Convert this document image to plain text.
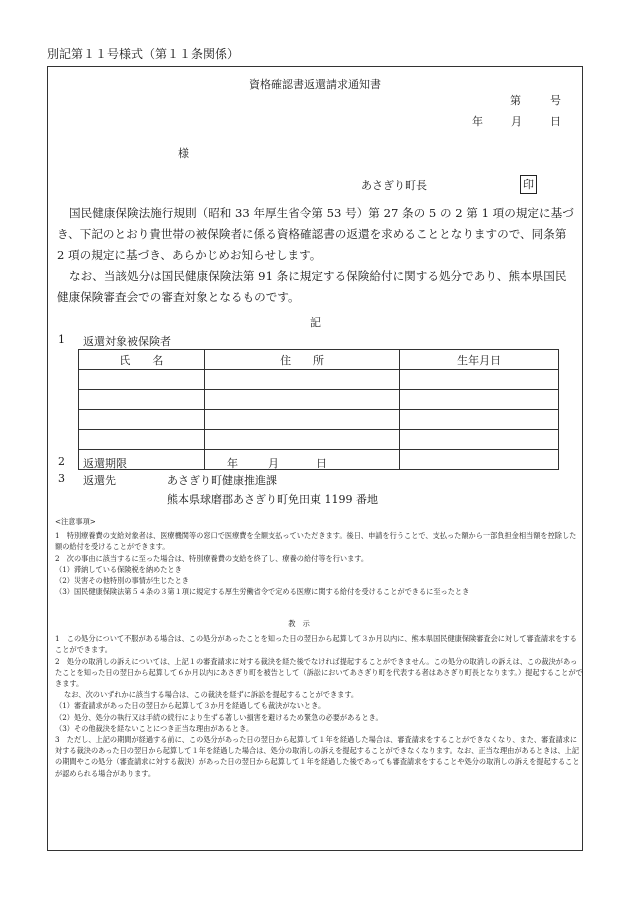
別記第１１号様式（第１１条関係）
資格確認書返還請求通知書
第	号
年	月	日
様
あさぎり町長	印
国民健康保険法施行規則（昭和 33 年厚生省令第 53 号）第 27 条の 5 の 2 第 1 項の規定に基づき、下記のとおり貴世帯の被保険者に係る資格確認書の返還を求めることとなりますので、同条第 2 項の規定に基づき、あらかじめお知らせします。
なお、当該処分は国民健康保険法第 91 条に規定する保険給付に関する処分であり、熊本県国民健康保険審査会での審査対象となるものです。
記
1 返還対象被保険者
氏　　名	住　　所	生年月日

2 返還期限	年	月	日
3 返還先	あさぎり町健康推進課
熊本県球磨郡あさぎり町免田東 1199 番地
<注意事項>
1　特別療養費の支給対象者は、医療機関等の窓口で医療費を全額支払っていただきます。後日、申請を行うことで、支払った額から一部負担金相当額を控除した額の給付を受けることができます。
2　次の事由に該当するに至った場合は、特別療養費の支給を終了し、療養の給付等を行います。
（1）滞納している保険税を納めたとき
（2）災害その他特別の事情が生じたとき
（3）国民健康保険法第５４条の３第１項に規定する厚生労働省令で定める医療に関する給付を受けることができるに至ったとき
教　示
1　この処分について不服がある場合は、この処分があったことを知った日の翌日から起算して３か月以内に、熊本県国民健康保険審査会に対して審査請求をすることができます。
2　処分の取消しの訴えについては、上記１の審査請求に対する裁決を経た後でなければ提起することができません。この処分の取消しの訴えは、この裁決があったことを知った日の翌日から起算して６か月以内にあさぎり町を被告として（訴訟においてあさぎり町を代表する者はあさぎり町長となります。）提起することができます。
なお、次のいずれかに該当する場合は、この裁決を経ずに訴訟を提起することができます。
（1）審査請求があった日の翌日から起算して３か月を経過しても裁決がないとき。
（2）処分、処分の執行又は手続の続行により生ずる著しい損害を避けるため緊急の必要があるとき。
（3）その他裁決を経ないことにつき正当な理由があるとき。
3　ただし、上記の期間が経過する前に、この処分があった日の翌日から起算して１年を経過した場合は、審査請求をすることができなくなり、また、審査請求に対する裁決のあった日の翌日から起算して１年を経過した場合は、処分の取消しの訴えを提起することができなくなります。なお、正当な理由があるときは、上記の期間やこの処分（審査請求に対する裁決）があった日の翌日から起算して１年を経過した後であっても審査請求をすることや処分の取消しの訴えを提起することが認められる場合があります。
